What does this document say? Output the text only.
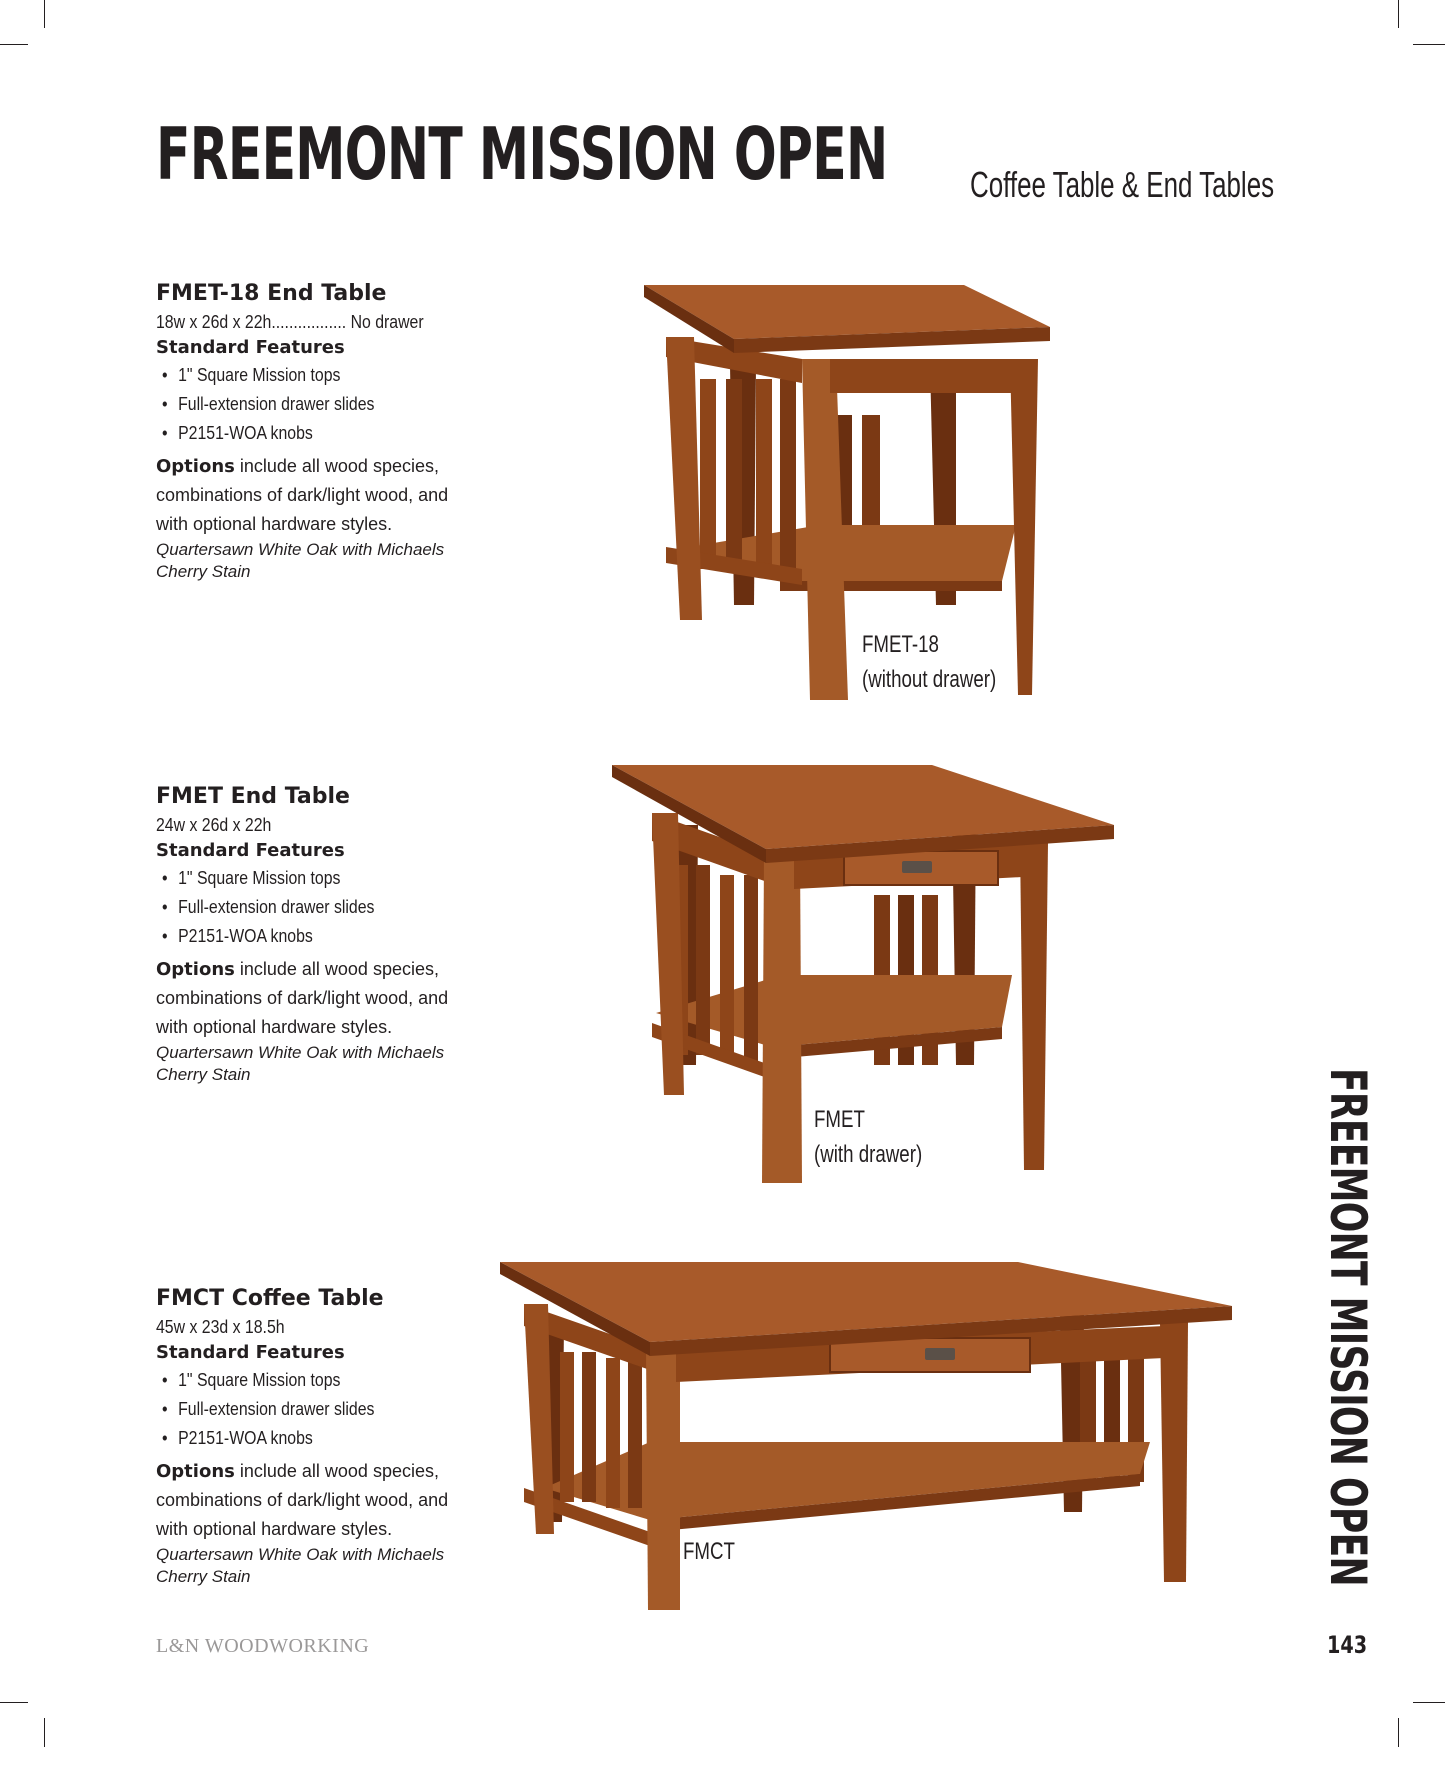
FREEMONT MISSION OPEN Coffee Table & End Tables
FMET-18 End Table
18w x 26d x 22h................. No drawer
Standard Features
• 1" Square Mission tops
• Full-extension drawer slides
• P2151-WOA knobs
Options include all wood species, combinations of dark/light wood, and with optional hardware styles.
Quartersawn White Oak with Michaels Cherry Stain
FMET End Table
24w x 26d x 22h
Standard Features
• 1" Square Mission tops
• Full-extension drawer slides
• P2151-WOA knobs
Options include all wood species, combinations of dark/light wood, and with optional hardware styles.
Quartersawn White Oak with Michaels Cherry Stain
FMCT Coffee Table
45w x 23d x 18.5h
Standard Features
• 1" Square Mission tops
• Full-extension drawer slides
• P2151-WOA knobs
Options include all wood species, combinations of dark/light wood, and with optional hardware styles.
Quartersawn White Oak with Michaels Cherry Stain
FMET-18
(without drawer)
FMET
(with drawer)
FMCT	FREEMONT MISSION OPEN
L&N WOODWORKING	143
